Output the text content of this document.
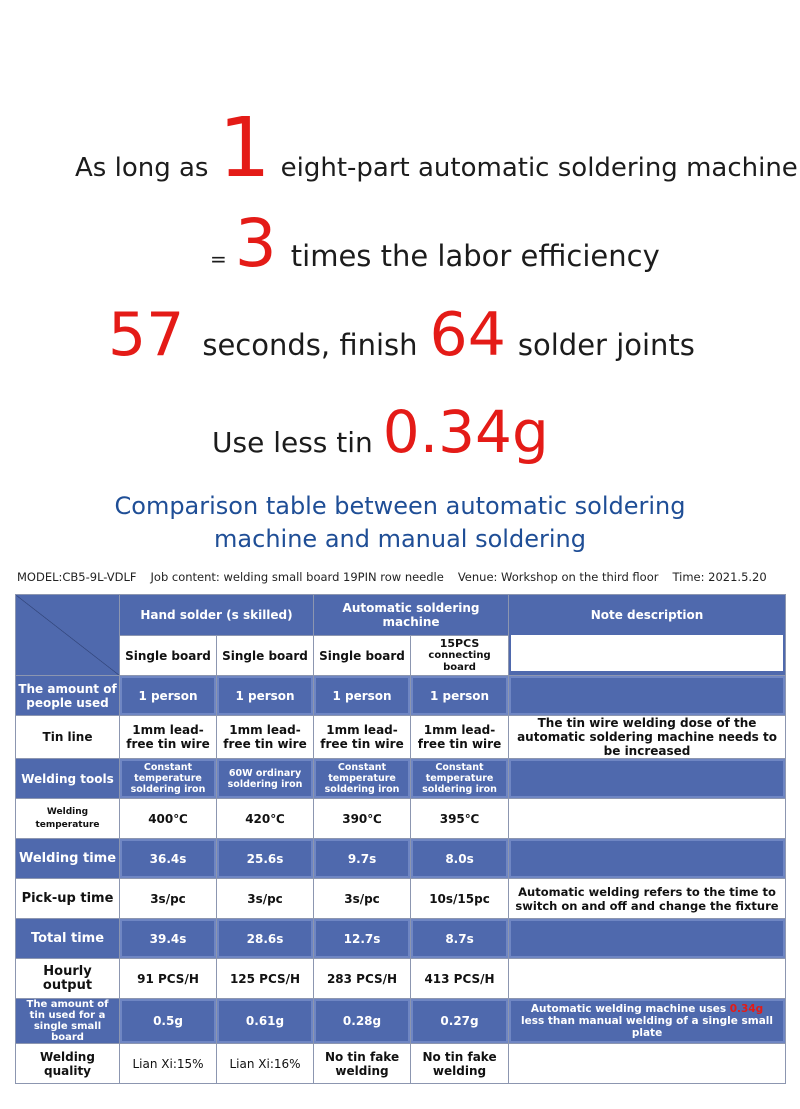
As long as 1 eight-part automatic soldering machine
= 3 times the labor efficiency
57 seconds, finish 64 solder joints
Use less tin 0.34g
Comparison table between automatic soldering
machine and manual soldering
MODEL:CB5-9L-VDLF Job content: welding small board 19PIN row needle Venue: Workshop on the third floor Time: 2021.5.20
	Hand solder (s skilled)		Automatic soldering machine		Note description

	Single board	Single board	Single board	15PCS
connecting board	

The amount of people used	1 person	1 person	1 person	1 person	
Tin line	1mm lead-free tin wire	1mm lead-free tin wire	1mm lead-free tin wire	1mm lead-free tin wire	The tin wire welding dose of the automatic soldering machine needs to be increased
Welding tools	Constant temperature soldering iron	60W ordinary soldering iron	Constant temperature soldering iron	Constant temperature soldering iron	
Welding temperature	400℃	420℃	390℃	395℃	
Welding time	36.4s	25.6s	9.7s	8.0s	
Pick-up time	3s/pc	3s/pc	3s/pc	10s/15pc	Automatic welding refers to the time to switch on and off and change the fixture
Total time	39.4s	28.6s	12.7s	8.7s	
Hourly output	91 PCS/H	125 PCS/H	283 PCS/H	413 PCS/H	
The amount of tin used for a single small board	0.5g	0.61g	0.28g	0.27g	Automatic welding machine uses 0.34g
less than manual welding of a single small plate
Welding quality	Lian Xi:15%	Lian Xi:16%	No tin fake welding	No tin fake welding	
